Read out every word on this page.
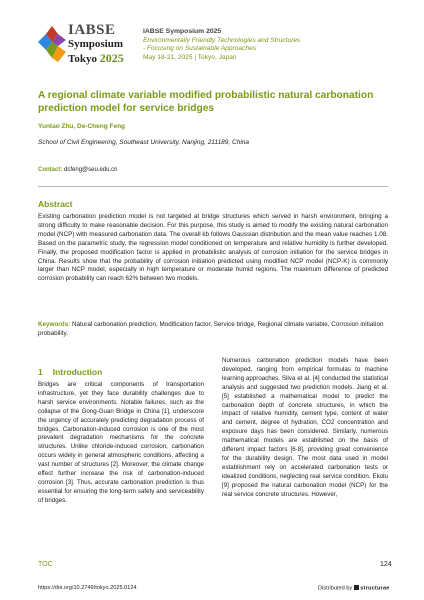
IABSE
Symposium
Tokyo 2025
IABSE Symposium 2025
Environmentally Friendly Technologies and Structures
- Focusing on Sustainable Approaches
May 18-21, 2025 | Tokyo, Japan
A regional climate variable modified probabilistic natural carbonation prediction model for service bridges
Yuntao Zhu, De-Cheng Feng
School of Civil Engineering, Southeast University, Nanjing, 211189, China
Contact: dcfeng@seu.edu.cn
Abstract
Existing carbonation prediction model is not targeted at bridge structures which served in harsh environment, bringing a strong difficulty to make reasonable decision. For this purpose, this study is aimed to modify the existing natural carbonation model (NCP) with measured carbonation data. The overall kb follows Gaussian distribution and the mean value reaches 1.08. Based on the parametric study, the regression model conditioned on temperature and relative humidity is further developed. Finally, the proposed modification factor is applied in probabilistic analysis of corrosion initiation for the service bridges in China. Results show that the probability of corrosion initiation predicted using modified NCP model (NCP-K) is commonly larger than NCP model, especially in high temperature or moderate humid regions. The maximum difference of predicted corrosion probability can reach 62% between two models.
Keywords: Natural carbonation prediction, Modification factor, Service bridge, Regional climate variable, Corrosion initiation probability.
1 Introduction
Bridges are critical components of transportation infrastructure, yet they face durability challenges due to harsh service environments. Notable failures, such as the collapse of the Gong-Guan Bridge in China [1], underscore the urgency of accurately predicting degradation process of bridges. Carbonation-induced corrosion is one of the most prevalent degradation mechanisms for the concrete structures. Unlike chloride-induced corrosion, carbonation occurs widely in general atmospheric conditions, affecting a vast number of structures [2]. Moreover, the climate change effect further increase the risk of carbonation-induced corrosion [3]. Thus, accurate carbonation prediction is thus essential for ensuring the long-term safety and serviceability of bridges.
Numerous carbonation prediction models have been developed, ranging from empirical formulas to machine learning approaches. Silva et al. [4] conducted the statistical analysis and suggested two prediction models. Jiang et al. [5] established a mathematical model to predict the carbonation depth of concrete structures, in which the impact of relative humidity, cement type, content of water and cement, degree of hydration, CO2 concentration and exposure days has been considered. Similarly, numerous mathematical models are established on the basis of different impact factors [6-8], providing great convenience for the durability design. The most data used in model establishment rely on accelerated carbonation tests or idealized conditions, neglecting real service condition. Ekolu [9] proposed the natural carbonation model (NCP) for the real service concrete structures. However,
TOC	124
https://doi.org/10.2749/tokyo.2025.0124	Distributed by structurae
